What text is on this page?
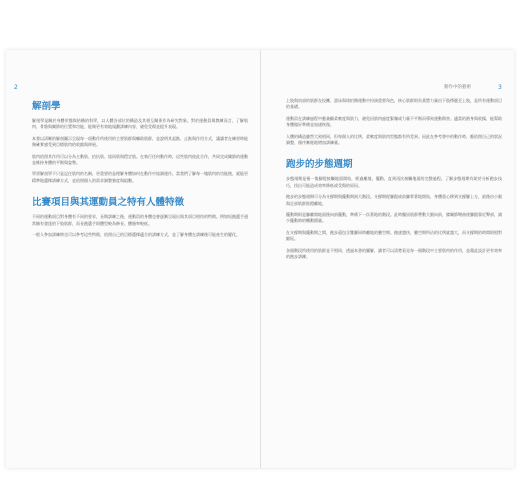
2	3
動作中的藝術
解剖學

解剖學是關於身體形態與結構的科學，以人體各部位的構造及其相互關係作為研究對象。對於運動員與教練而言，了解肌肉、骨骼與關節的位置和功能，能夠更有效地規劃訓練內容，避免受傷並提升表現。

本書以清晰的解剖圖示呈現每一項動作所使用的主要肌群與輔助肌群，並說明其起點、止點與作用方式，讓讀者在練習時能夠確實感受到目標肌肉的收縮與伸展。

肌肉依照其作用可以分為主動肌、拮抗肌、協同肌與穩定肌。在執行任何動作時，這些肌肉彼此合作，共同完成關節的運動並維持身體的平衡與姿勢。

學習解剖學不只是記住肌肉的名稱，更重要的是理解身體如何在動作中協調運作。當我們了解每一塊肌肉的功能後，就能更精準地選擇訓練方式，並依照個人的需求調整強度與組數。

比賽項目與其運動員之特有人體特徵

不同的運動項目對身體有不同的要求，長期訓練之後，運動員的身體也會逐漸呈現出與其項目相符的特徵。例如短跑選手通常擁有發達的下肢肌群，而長跑選手則體型較為修長、體脂率較低。

一般人參加訓練時也可以參考這些特徵，依照自己的目標選擇適合的訓練方式，並了解身體在訓練後可能產生的變化。

上肢與肩部的肌群在投擲、游泳與球拍類運動中扮演重要角色，核心肌群則負責將力量由下肢傳遞至上肢，是所有運動項目的基礎。

運動員在訓練過程中應兼顧柔軟度與肌力，避免因肌肉過度緊繃或力量不平衡而導致運動傷害。適當的熱身與收操，能幫助身體做好準備並加速恢復。

人體的構造雖然大致相同，但每個人的比例、柔軟度與肌肉型態都有所差異。因此在參考書中的動作時，應依照自己的狀況調整，循序漸進地增加訓練量。

跑步的步態週期

步態週期是指一隻腳從接觸地面開始，經過離地、擺動，直到再次接觸地面的完整過程。了解步態週期有助於分析跑步技巧，找出可能造成效率降低或受傷的原因。

跑步的步態週期可分為支撐期與擺動期兩大階段。支撐期從腳跟或前腳掌著地開始，身體重心移到支撐腳上方，最後由小腿與足部肌群推蹬離地。

擺動期則是腳離開地面後向前擺動，準備下一次著地的階段。此時髖屈肌群帶動大腿向前，膝關節彎曲使腳跟靠近臀部，減少擺動時的轉動慣量。

在支撐期與擺動期之間，跑步還包含雙腳同時離地的騰空期。跑速越快，騰空期所佔的比例就越大，而支撐期的時間則相對縮短。

各個階段所使用的肌群並不相同，透過本書的圖解，讀者可以清楚看見每一個階段中主要肌肉的作用，並藉此設計更有效率的跑步訓練。
